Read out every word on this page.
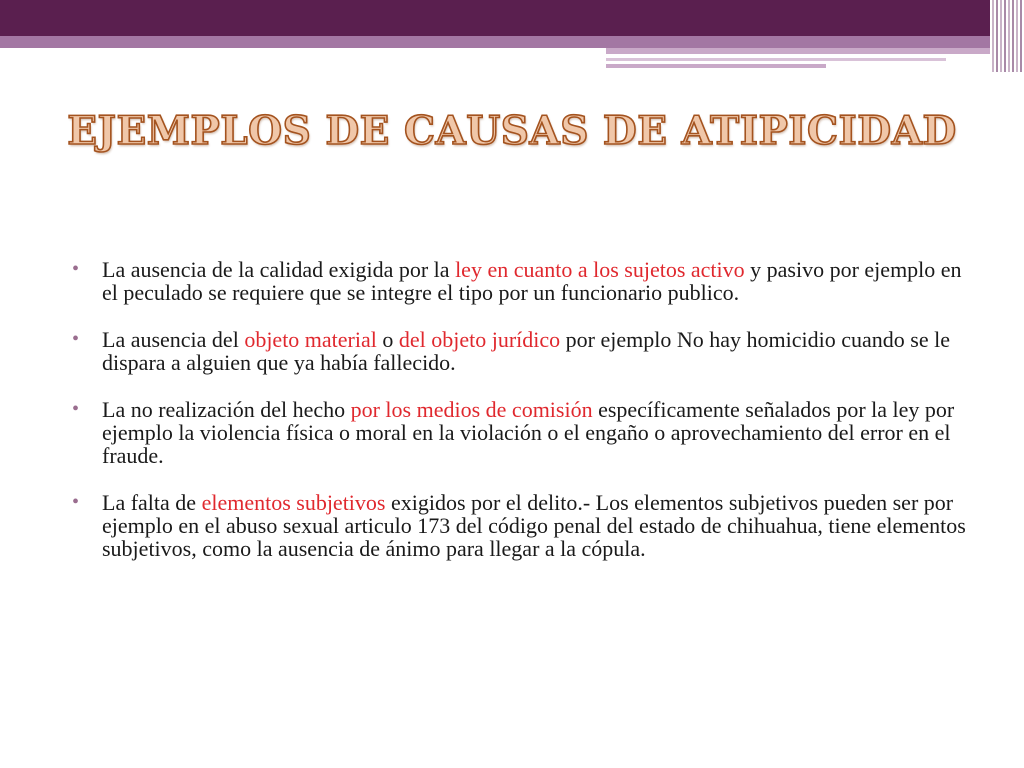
EJEMPLOS DE CAUSAS DE ATIPICIDAD
• La ausencia de la calidad exigida por la ley en cuanto a los sujetos activo y pasivo por ejemplo en el peculado se requiere que se integre el tipo por un funcionario publico.
• La ausencia del objeto material o del objeto jurídico por ejemplo No hay homicidio cuando se le dispara a alguien que ya había fallecido.
• La no realización del hecho por los medios de comisión específicamente señalados por la ley por ejemplo la violencia física o moral en la violación o el engaño o aprovechamiento del error en el fraude.
• La falta de elementos subjetivos exigidos por el delito.- Los elementos subjetivos pueden ser por ejemplo en el abuso sexual articulo 173 del código penal del estado de chihuahua, tiene elementos subjetivos, como la ausencia de ánimo para llegar a la cópula.
